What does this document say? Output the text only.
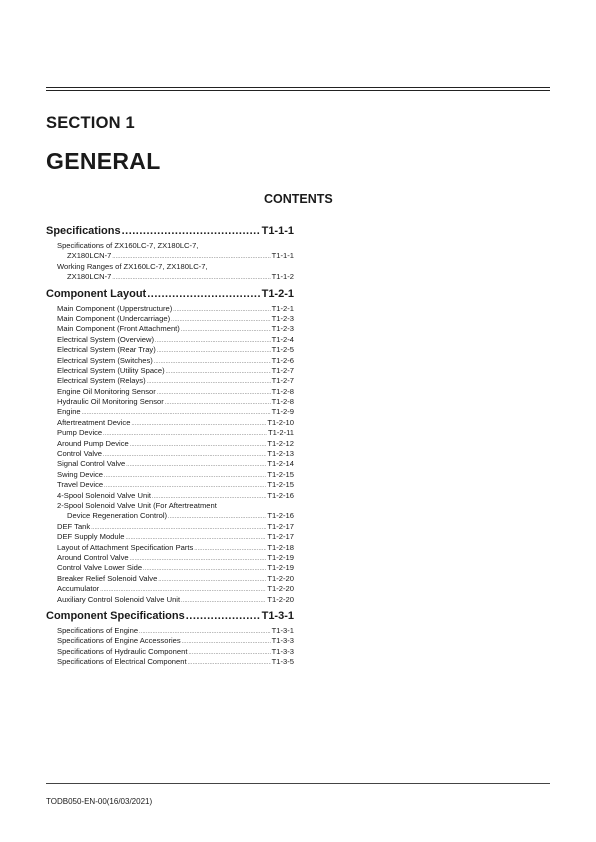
SECTION 1
GENERAL
CONTENTS
Specifications .....	T1-1-1
Specifications of ZX160LC-7, ZX180LC-7,
ZX180LCN-7 .....	T1-1-1
Working Ranges of ZX160LC-7, ZX180LC-7,
ZX180LCN-7 .....	T1-1-2
Component Layout .....	T1-2-1
Main Component (Upperstructure) .....	T1-2-1
Main Component (Undercarriage) .....	T1-2-3
Main Component (Front Attachment) .....	T1-2-3
Electrical System (Overview) .....	T1-2-4
Electrical System (Rear Tray) .....	T1-2-5
Electrical System (Switches) .....	T1-2-6
Electrical System (Utility Space) .....	T1-2-7
Electrical System (Relays) .....	T1-2-7
Engine Oil Monitoring Sensor .....	T1-2-8
Hydraulic Oil Monitoring Sensor .....	T1-2-8
Engine .....	T1-2-9
Aftertreatment Device .....	T1-2-10
Pump Device .....	T1-2-11
Around Pump Device .....	T1-2-12
Control Valve .....	T1-2-13
Signal Control Valve .....	T1-2-14
Swing Device .....	T1-2-15
Travel Device .....	T1-2-15
4-Spool Solenoid Valve Unit .....	T1-2-16
2-Spool Solenoid Valve Unit (For Aftertreatment
Device Regeneration Control) .....	T1-2-16
DEF Tank .....	T1-2-17
DEF Supply Module .....	T1-2-17
Layout of Attachment Specification Parts .....	T1-2-18
Around Control Valve .....	T1-2-19
Control Valve Lower Side .....	T1-2-19
Breaker Relief Solenoid Valve .....	T1-2-20
Accumulator .....	T1-2-20
Auxiliary Control Solenoid Valve Unit .....	T1-2-20
Component Specifications .....	T1-3-1
Specifications of Engine .....	T1-3-1
Specifications of Engine Accessories .....	T1-3-3
Specifications of Hydraulic Component .....	T1-3-3
Specifications of Electrical Component .....	T1-3-5
TODB050-EN-00(16/03/2021)
